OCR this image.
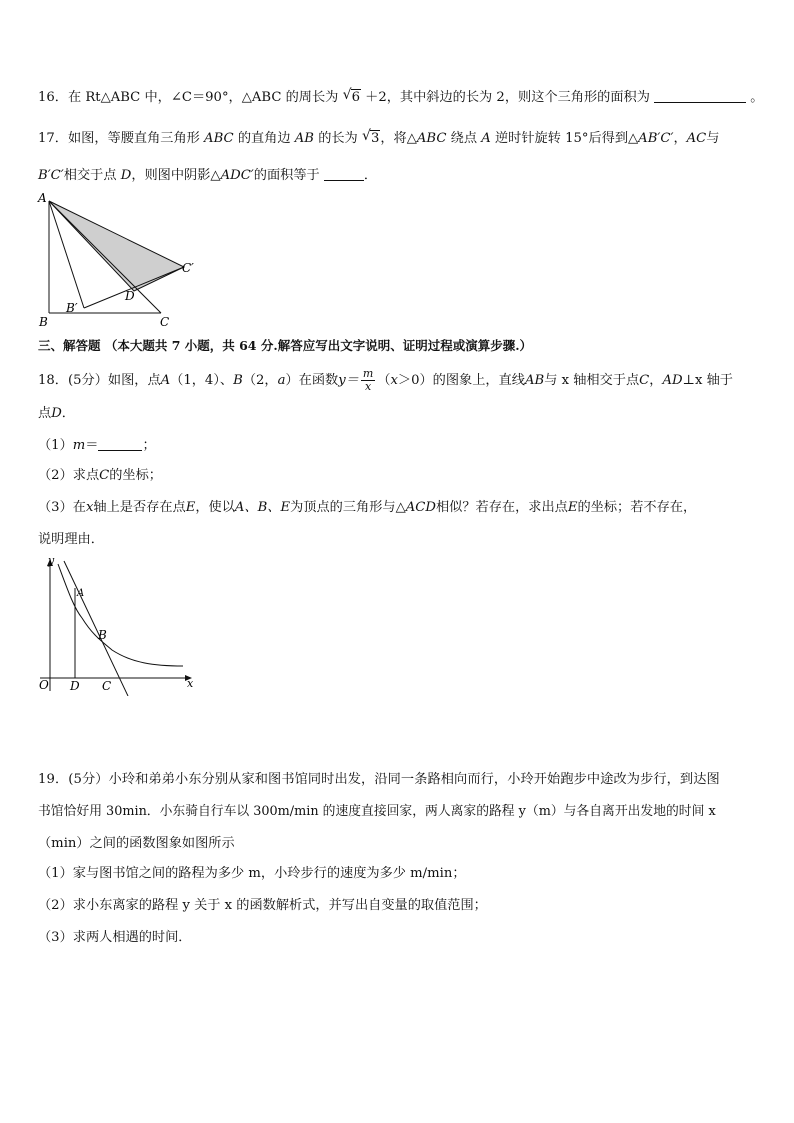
16．在 Rt△ABC 中，∠C＝90°，△ABC 的周长为 √ 6 ＋2，其中斜边的长为 2，则这个三角形的面积为	。
17．如图，等腰直角三角形 ABC 的直角边 AB 的长为 √ 3，将△ABC 绕点 A 逆时针旋转 15°后得到△AB′C′，AC与
B′C′相交于点 D，则图中阴影△ADC′的面积等于	．
A
B	C
B′
C′
D
三、解答题 （本大题共 7 小题，共 64 分.解答应写出文字说明、证明过程或演算步骤.）
18．(5分）如图，点A（1，4）、B（2，a）在函数$y= \frac{m}{x} (x>0)$的图象上，直线AB与 x 轴相交于点C，AD⊥x 轴于
点D．
（1）m＝	；
（2）求点C的坐标；
（3）在x轴上是否存在点E，使以A、B、E为顶点的三角形与△ACD相似？若存在，求出点E的坐标；若不存在，
说明理由．
y
x
O D C
A
B
19．(5分）小玲和弟弟小东分别从家和图书馆同时出发，沿同一条路相向而行，小玲开始跑步中途改为步行，到达图
书馆恰好用 30min．小东骑自行车以 300m/min 的速度直接回家，两人离家的路程 y（m）与各自离开出发地的时间 x
（min）之间的函数图象如图所示
（1）家与图书馆之间的路程为多少 m，小玲步行的速度为多少 m/min；
（2）求小东离家的路程 y 关于 x 的函数解析式，并写出自变量的取值范围；
（3）求两人相遇的时间．
